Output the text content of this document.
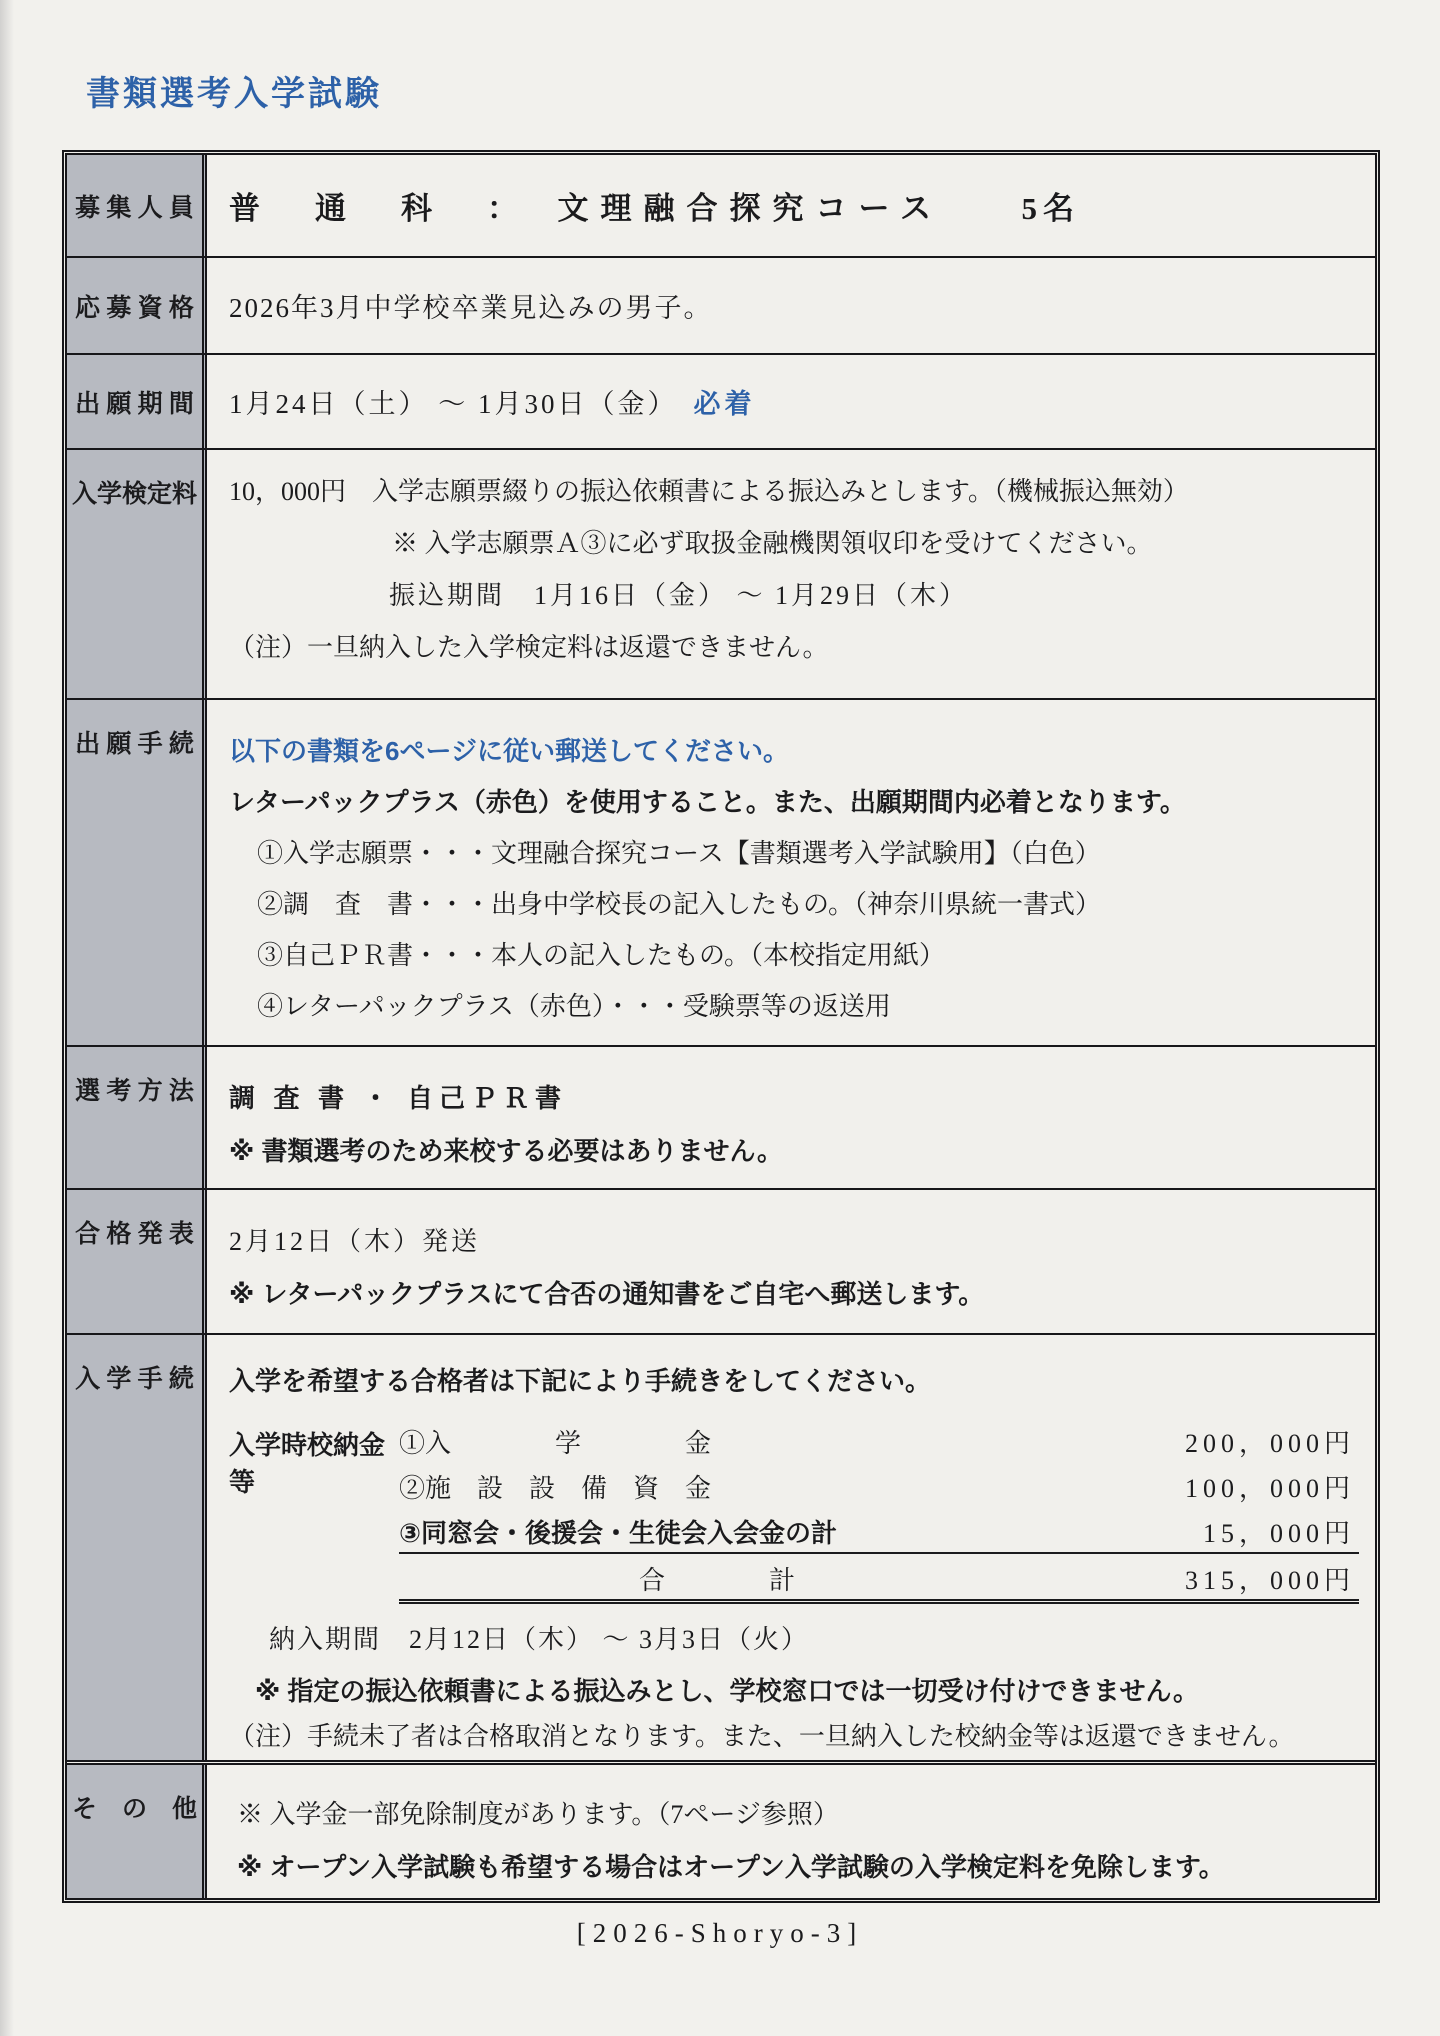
書類選考入学試験
募 集 人 員	普　通　科　：　文理融合探究コース	5名
応 募 資 格	2026年3月中学校卒業見込みの男子。
出 願 期 間	1月24日（土） ～ 1月30日（金） 必着
入学検定料	10，000円　入学志願票綴りの振込依頼書による振込みとします。（機械振込無効）
※ 入学志願票Ａ③に必ず取扱金融機関領収印を受けてください。
振込期間　1月16日（金） ～ 1月29日（木）
（注）一旦納入した入学検定料は返還できません。
出 願 手 続	以下の書類を6ページに従い郵送してください。
レターパックプラス（赤色）を使用すること。また、出願期間内必着となります。
①入学志願票・・・文理融合探究コース【書類選考入学試験用】（白色）
②調　査　書・・・出身中学校長の記入したもの。（神奈川県統一書式）
③自己ＰＲ書・・・本人の記入したもの。（本校指定用紙）
④レターパックプラス（赤色）・・・受験票等の返送用
選 考 方 法	調 査 書 ・ 自己ＰＲ書
※ 書類選考のため来校する必要はありません。
合 格 発 表	2月12日（木）発送
※ レターパックプラスにて合否の通知書をご自宅へ郵送します。
入 学 手 続	入学を希望する合格者は下記により手続きをしてください。
入学時校納金等
①入　　　　学　　　　金	200，000円
②施　設　設　備　資　金	100，000円
③同窓会・後援会・生徒会入会金の計	15，000円
合　　　　計	315，000円
納入期間　2月12日（木） ～ 3月3日（火）
※ 指定の振込依頼書による振込みとし、学校窓口では一切受け付けできません。
（注）手続未了者は合格取消となります。また、一旦納入した校納金等は返還できません。
そ　の　他	※ 入学金一部免除制度があります。（7ページ参照）
※ オープン入学試験も希望する場合はオープン入学試験の入学検定料を免除します。
[2026-Shoryo-3]
